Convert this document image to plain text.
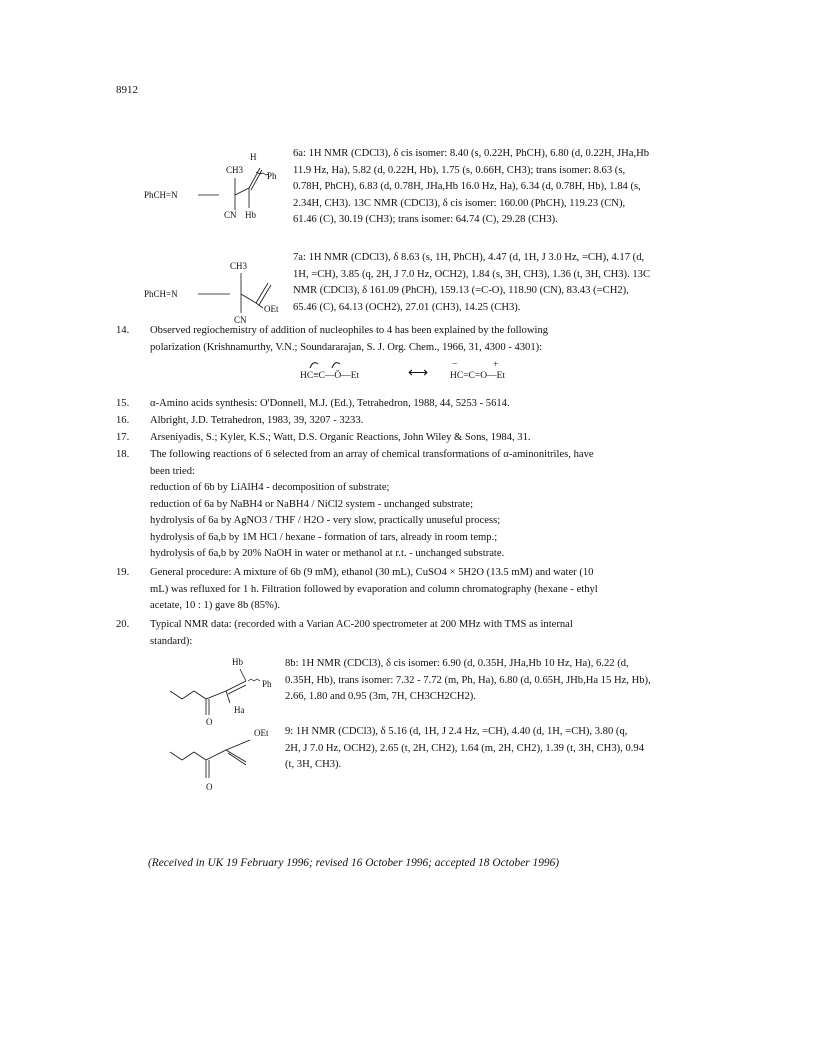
8912
H
CH3
Ph
PhCH=N
CN Hb
6a: 1H NMR (CDCl3), δ cis isomer: 8.40 (s, 0.22H, PhCH), 6.80 (d, 0.22H, JHa,Hb
11.9 Hz, Ha), 5.82 (d, 0.22H, Hb), 1.75 (s, 0.66H, CH3); trans isomer: 8.63 (s,
0.78H, PhCH), 6.83 (d, 0.78H, JHa,Hb 16.0 Hz, Ha), 6.34 (d, 0.78H, Hb), 1.84 (s,
2.34H, CH3). 13C NMR (CDCl3), δ cis isomer: 160.00 (PhCH), 119.23 (CN),
61.46 (C), 30.19 (CH3); trans isomer: 64.74 (C), 29.28 (CH3).
CH3
PhCH=N
CN
OEt
7a: 1H NMR (CDCl3), δ 8.63 (s, 1H, PhCH), 4.47 (d, 1H, J 3.0 Hz, =CH), 4.17 (d,
1H, =CH), 3.85 (q, 2H, J 7.0 Hz, OCH2), 1.84 (s, 3H, CH3), 1.36 (t, 3H, CH3). 13C
NMR (CDCl3), δ 161.09 (PhCH), 159.13 (=C-O), 118.90 (CN), 83.43 (=CH2),
65.46 (C), 64.13 (OCH2), 27.01 (CH3), 14.25 (CH3).
14. Observed regiochemistry of addition of nucleophiles to 4 has been explained by the following
polarization (Krishnamurthy, V.N.; Soundararajan, S. J. Org. Chem., 1966, 31, 4300 - 4301):
HC≡C—Ö—Et	⟷ HC=C=O—Et
−	+
15. α-Amino acids synthesis: O'Donnell, M.J. (Ed.), Tetrahedron, 1988, 44, 5253 - 5614.
16. Albright, J.D. Tetrahedron, 1983, 39, 3207 - 3233.
17. Arseniyadis, S.; Kyler, K.S.; Watt, D.S. Organic Reactions, John Wiley & Sons, 1984, 31.
18. The following reactions of 6 selected from an array of chemical transformations of α-aminonitriles, have
been tried:
reduction of 6b by LiAlH4 - decomposition of substrate;
reduction of 6a by NaBH4 or NaBH4 / NiCl2 system - unchanged substrate;
hydrolysis of 6a by AgNO3 / THF / H2O - very slow, practically unuseful process;
hydrolysis of 6a,b by 1M HCl / hexane - formation of tars, already in room temp.;
hydrolysis of 6a,b by 20% NaOH in water or methanol at r.t. - unchanged substrate.
19. General procedure: A mixture of 6b (9 mM), ethanol (30 mL), CuSO4 × 5H2O (13.5 mM) and water (10
mL) was refluxed for 1 h. Filtration followed by evaporation and column chromatography (hexane - ethyl
acetate, 10 : 1) gave 8b (85%).
20. Typical NMR data: (recorded with a Varian AC-200 spectrometer at 200 MHz with TMS as internal
standard):
Hb
Ph
Ha
O
8b: 1H NMR (CDCl3), δ cis isomer: 6.90 (d, 0.35H, JHa,Hb 10 Hz, Ha), 6.22 (d,
0.35H, Hb), trans isomer: 7.32 - 7.72 (m, Ph, Ha), 6.80 (d, 0.65H, JHb,Ha 15 Hz, Hb),
2.66, 1.80 and 0.95 (3m, 7H, CH3CH2CH2).
OEt
O
9: 1H NMR (CDCl3), δ 5.16 (d, 1H, J 2.4 Hz, =CH), 4.40 (d, 1H, =CH), 3.80 (q,
2H, J 7.0 Hz, OCH2), 2.65 (t, 2H, CH2), 1.64 (m, 2H, CH2), 1.39 (t, 3H, CH3), 0.94
(t, 3H, CH3).
(Received in UK 19 February 1996; revised 16 October 1996; accepted 18 October 1996)
